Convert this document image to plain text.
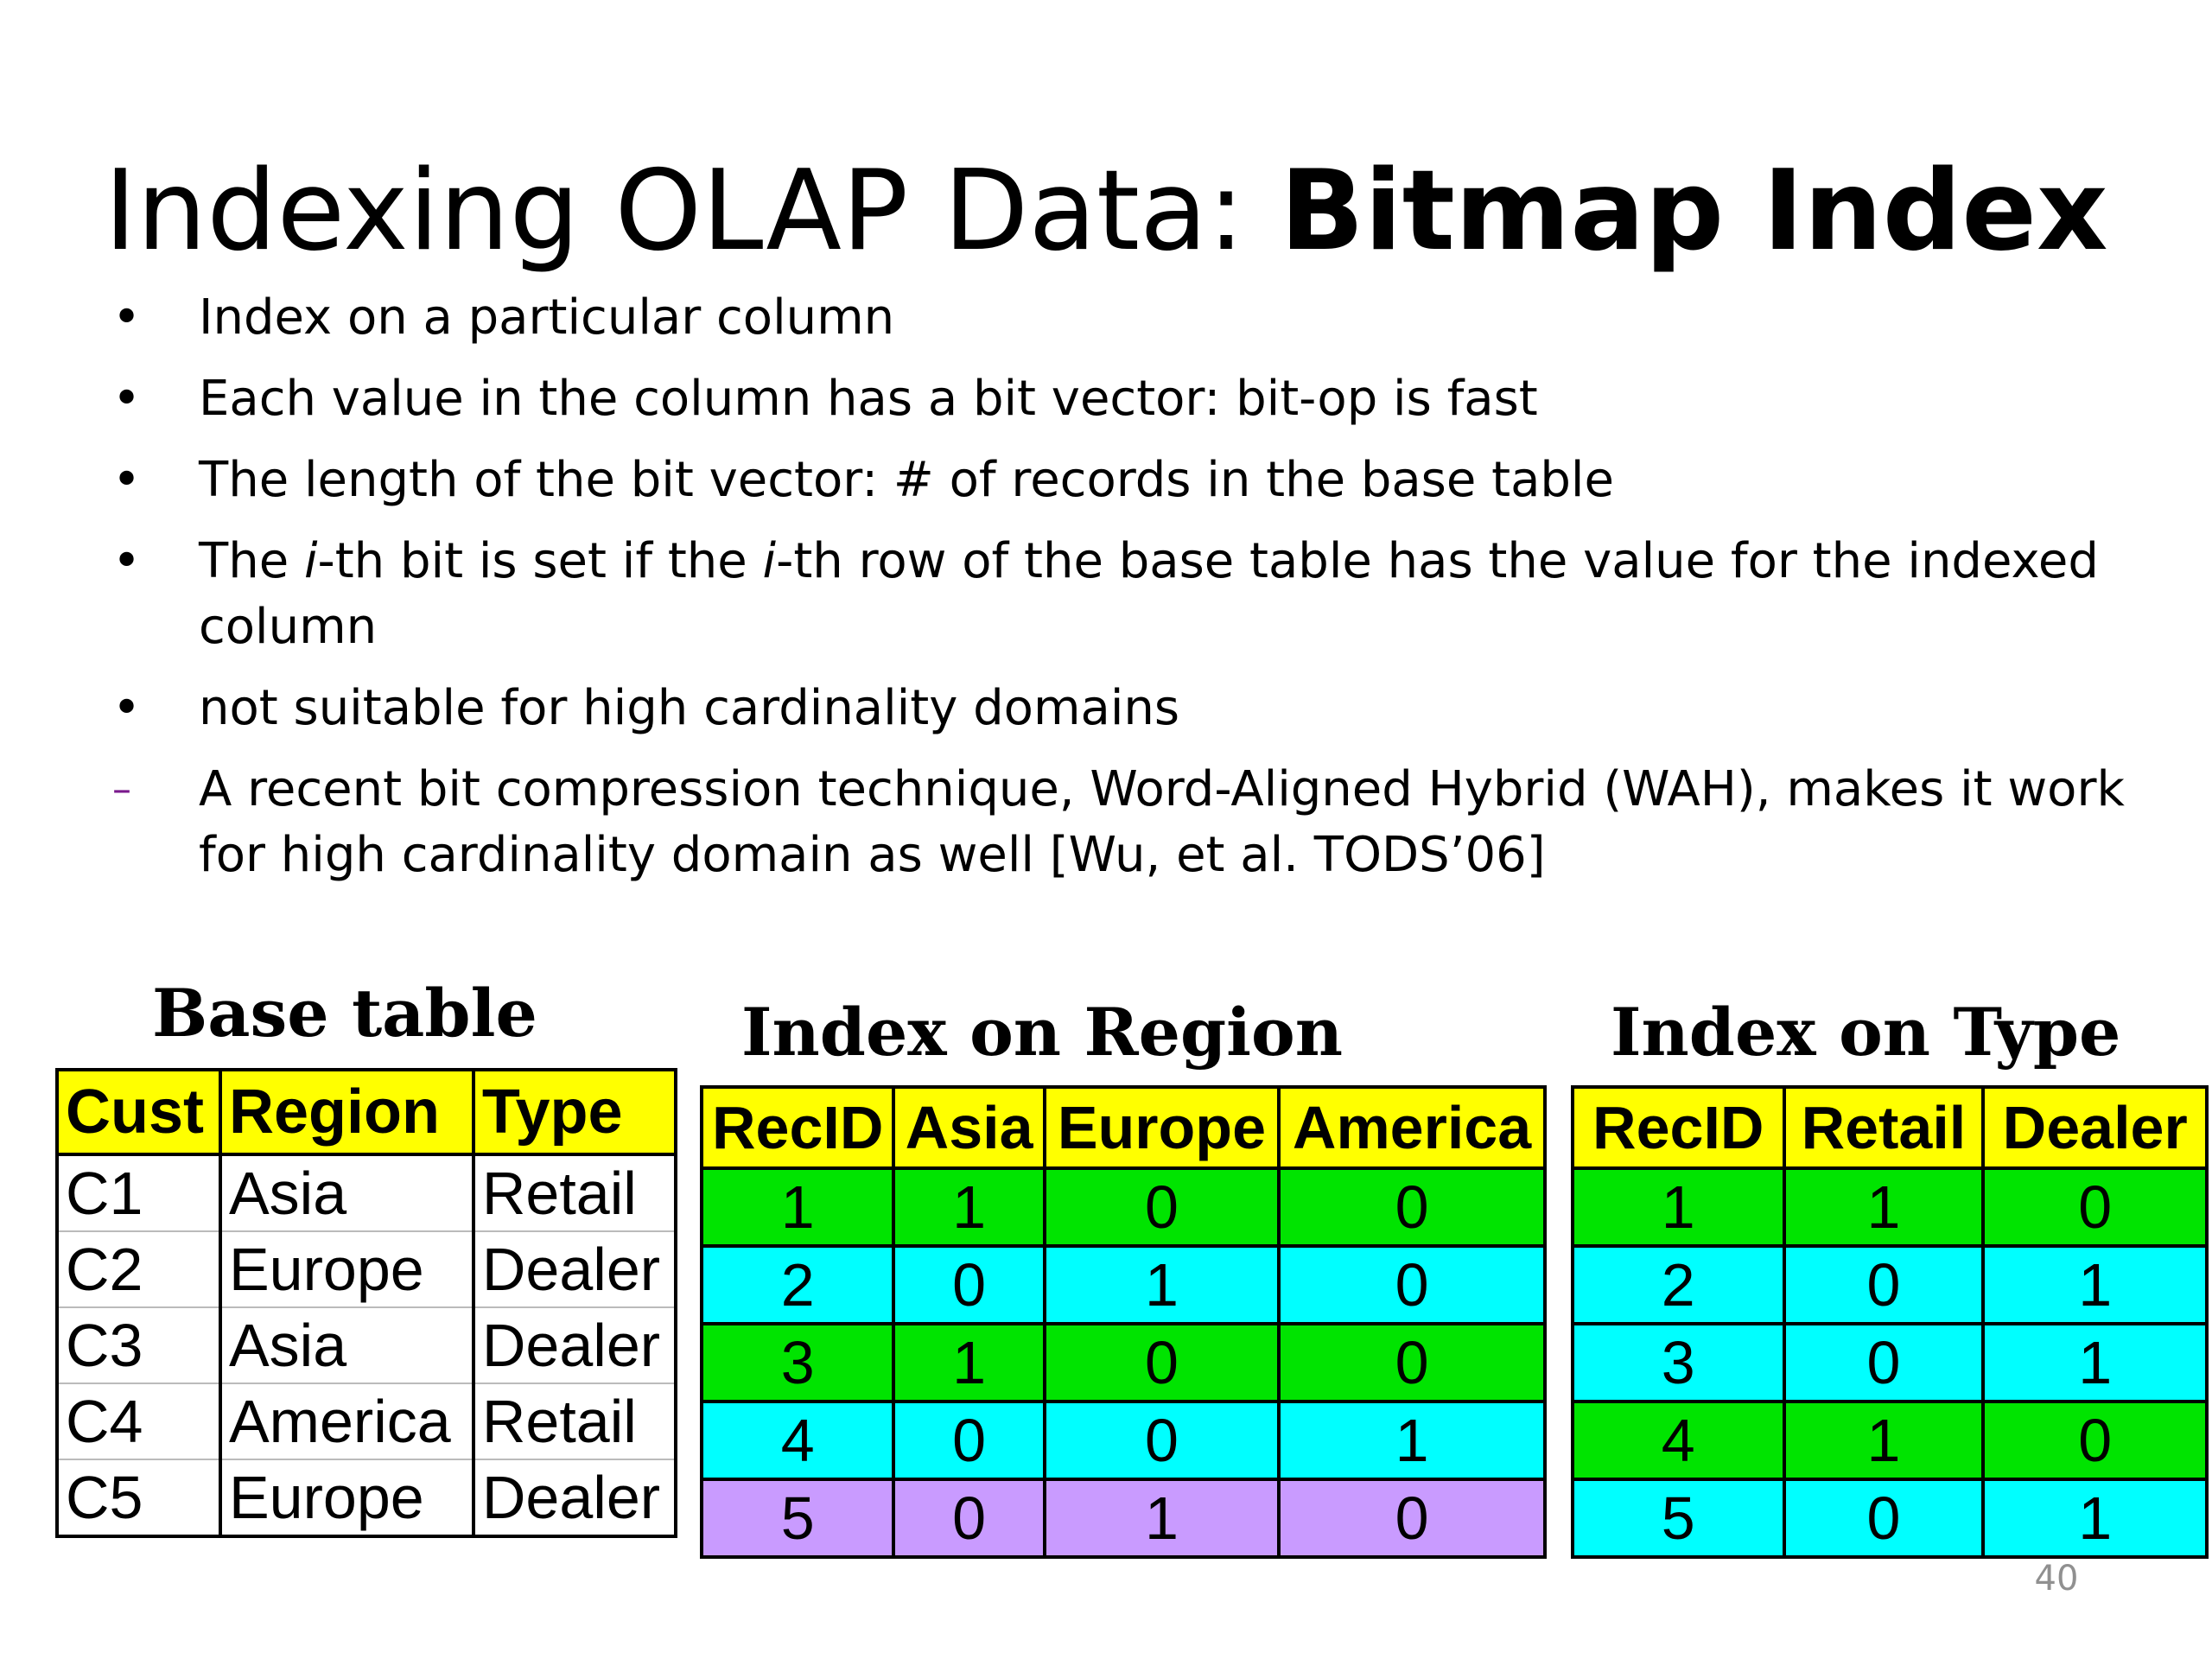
Indexing OLAP Data: Bitmap Index
• Index on a particular column
• Each value in the column has a bit vector: bit-op is fast
• The length of the bit vector: # of records in the base table
• The i-th bit is set if the i-th row of the base table has the value for the indexed column
• not suitable for high cardinality domains
– A recent bit compression technique, Word-Aligned Hybrid (WAH), makes it work for high cardinality domain as well [Wu, et al. TODS’06]
Base table
Cust	Region	Type
C1	Asia	Retail
C2	Europe	Dealer
C3	Asia	Dealer
C4	America	Retail
C5	Europe	Dealer
Index on Region
RecID	Asia	Europe	America
1	1	0	0
2	0	1	0
3	1	0	0
4	0	0	1
5	0	1	0
Index on Type
RecID	Retail	Dealer
1	1	0
2	0	1
3	0	1
4	1	0
5	0	1
40
